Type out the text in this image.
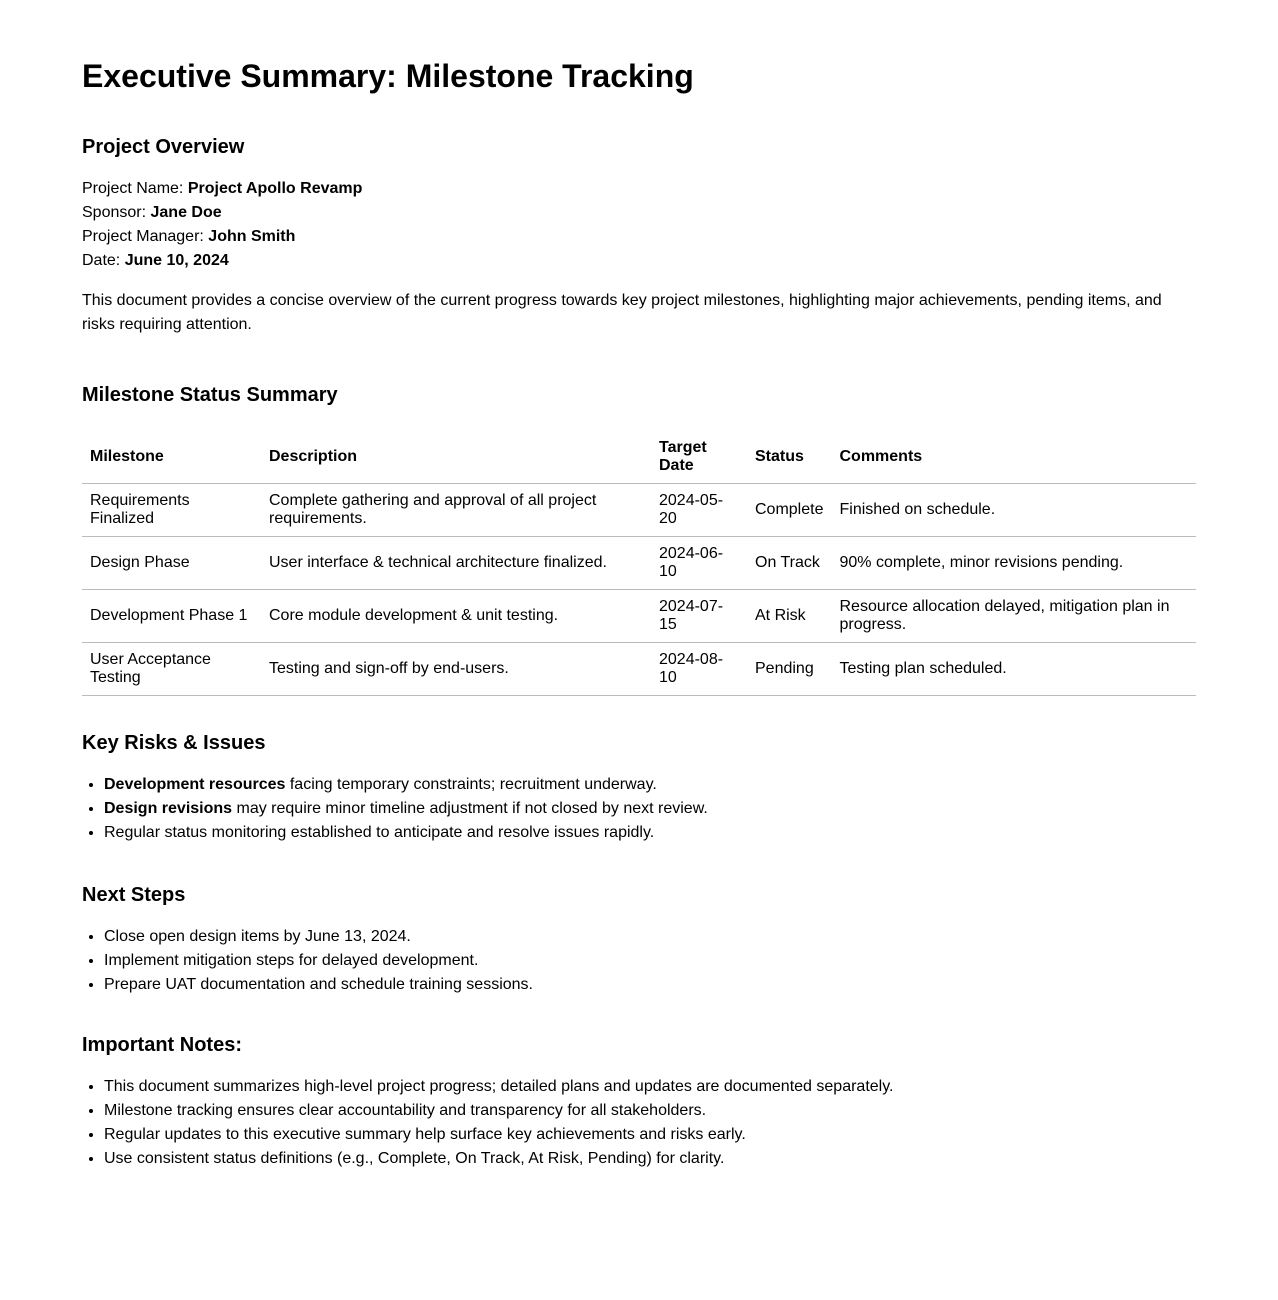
Executive Summary: Milestone Tracking
Project Overview
Project Name: Project Apollo Revamp
Sponsor: Jane Doe
Project Manager: John Smith
Date: June 10, 2024

This document provides a concise overview of the current progress towards key project milestones, highlighting major achievements, pending items, and risks requiring attention.

Milestone Status Summary
Milestone	Description	Target Date	Status	Comments
Requirements Finalized	Complete gathering and approval of all project requirements.	2024-05-20	Complete	Finished on schedule.
Design Phase	User interface & technical architecture finalized.	2024-06-10	On Track	90% complete, minor revisions pending.
Development Phase 1	Core module development & unit testing.	2024-07-15	At Risk	Resource allocation delayed, mitigation plan in progress.
User Acceptance Testing	Testing and sign-off by end-users.	2024-08-10	Pending	Testing plan scheduled.
Key Risks & Issues
• Development resources facing temporary constraints; recruitment underway.
• Design revisions may require minor timeline adjustment if not closed by next review.
• Regular status monitoring established to anticipate and resolve issues rapidly.
Next Steps
• Close open design items by June 13, 2024.
• Implement mitigation steps for delayed development.
• Prepare UAT documentation and schedule training sessions.
Important Notes:
• This document summarizes high-level project progress; detailed plans and updates are documented separately.
• Milestone tracking ensures clear accountability and transparency for all stakeholders.
• Regular updates to this executive summary help surface key achievements and risks early.
• Use consistent status definitions (e.g., Complete, On Track, At Risk, Pending) for clarity.
